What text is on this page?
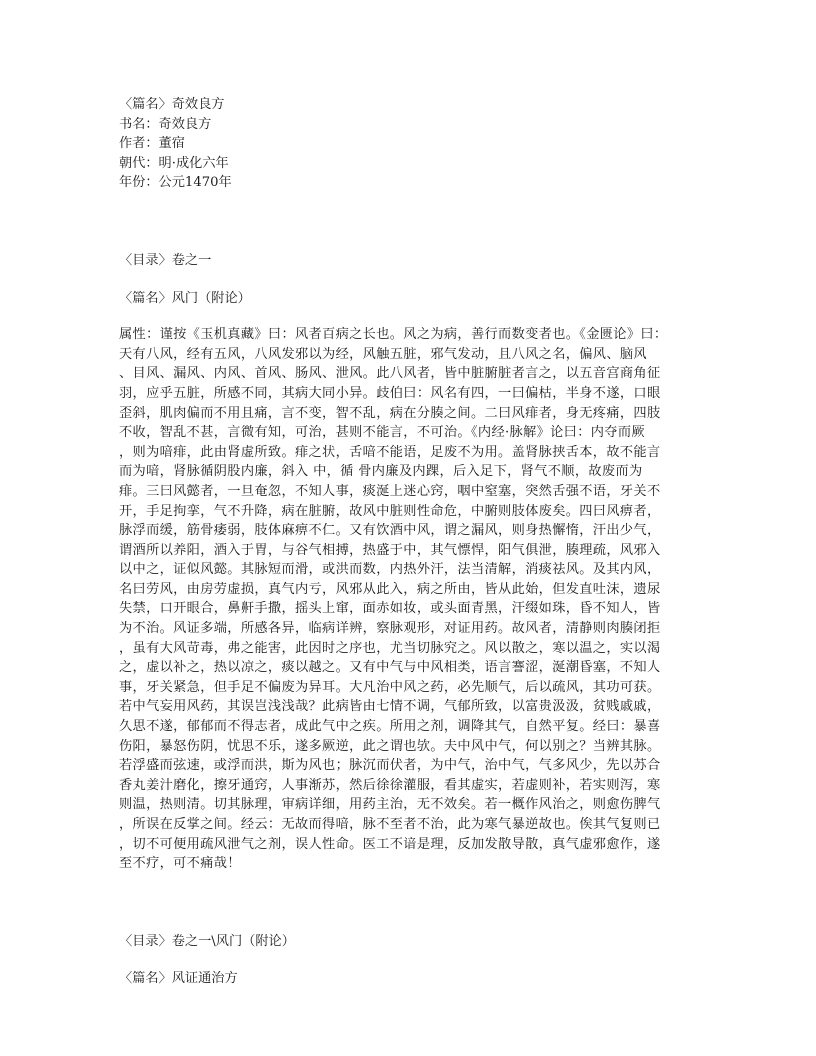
〈篇名〉奇效良方

书名：奇效良方

作者：董宿

朝代：明·成化六年

年份：公元1470年

〈目录〉卷之一

〈篇名〉风门（附论）

属性：谨按《玉机真藏》曰：风者百病之长也。风之为病，善行而数变者也。《金匮论》曰：
天有八风，经有五风，八风发邪以为经，风触五脏，邪气发动，且八风之名，偏风、脑风
、目风、漏风、内风、首风、肠风、泄风。此八风者，皆中脏腑脏者言之，以五音宫商角征
羽，应乎五脏，所感不同，其病大同小异。歧伯曰：风名有四，一曰偏枯，半身不遂，口眼
歪斜，肌肉偏而不用且痛，言不变，智不乱，病在分腠之间。二曰风痱者，身无疼痛，四肢
不收，智乱不甚，言微有知，可治，甚则不能言，不可治。《内经·脉解》论曰：内夺而厥
，则为喑痱，此由肾虚所致。痱之状，舌喑不能语，足废不为用。盖肾脉挟舌本，故不能言
而为喑，肾脉循阴股内廉，斜入 中，循 骨内廉及内踝，后入足下，肾气不顺，故废而为
痱。三曰风懿者，一旦奄忽，不知人事，痰涎上迷心窍，咽中窒塞，突然舌强不语，牙关不
开，手足拘挛，气不升降，病在脏腑，故风中脏则性命危，中腑则肢体废矣。四曰风痹者，
脉浮而缓，筋骨痿弱，肢体麻痹不仁。又有饮酒中风，谓之漏风，则身热懈惰，汗出少气，
谓酒所以养阳，酒入于胃，与谷气相搏，热盛于中，其气慓悍，阳气俱泄，腠理疏，风邪入
以中之，证似风懿。其脉短而滑，或洪而数，内热外汗，法当清解，消痰祛风。及其内风，
名曰劳风，由房劳虚损，真气内亏，风邪从此入，病之所由，皆从此始，但发直吐沫，遗尿
失禁，口开眼合，鼻鼾手撒，摇头上窜，面赤如妆，或头面青黑，汗缀如珠，昏不知人，皆
为不治。风证多端，所感各异，临病详辨，察脉观形，对证用药。故风者，清静则肉腠闭拒
，虽有大风苛毒，弗之能害，此因时之序也，尤当切脉究之。风以散之，寒以温之，实以渴
之，虚以补之，热以凉之，痰以越之。又有中气与中风相类，语言謇涩，涎潮昏塞，不知人
事，牙关紧急，但手足不偏废为异耳。大凡治中风之药，必先顺气，后以疏风，其功可获。
若中气妄用风药，其误岂浅浅哉？此病皆由七情不调，气郁所致，以富贵汲汲，贫贱戚戚，
久思不遂，郁郁而不得志者，成此气中之疾。所用之剂，调降其气，自然平复。经曰：暴喜
伤阳，暴怒伤阴，忧思不乐，遂多厥逆，此之谓也欤。夫中风中气，何以别之？当辨其脉。
若浮盛而弦速，或浮而洪，斯为风也；脉沉而伏者，为中气，治中气，气多风少，先以苏合
香丸姜汁磨化，擦牙通窍，人事渐苏，然后徐徐灌服，看其虚实，若虚则补，若实则泻，寒
则温，热则清。切其脉理，审病详细，用药主治，无不效矣。若一概作风治之，则愈伤脾气
，所误在反掌之间。经云：无故而得喑，脉不至者不治，此为寒气暴逆故也。俟其气复则已
，切不可便用疏风泄气之剂，误人性命。医工不谙是理，反加发散导散，真气虚邪愈作，遂
至不疗，可不痛哉！

〈目录〉卷之一\风门（附论）

〈篇名〉风证通治方
